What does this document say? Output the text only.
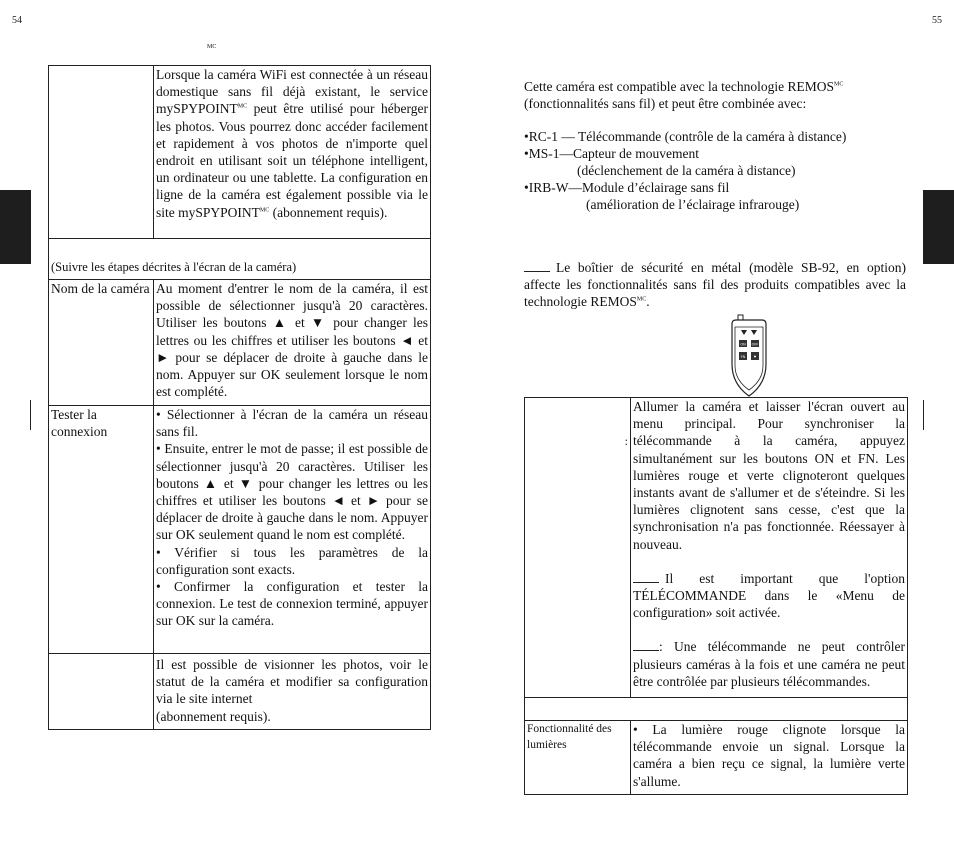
54	55
MC
	Lorsque la caméra WiFi est connectée à un réseau domestique sans fil déjà existant, le service mySPYPOINT$^{MC}$ peut être utilisé pour héberger les photos. Vous pourrez donc accéder facilement et rapidement à vos photos de n'importe quel endroit en utilisant soit un téléphone intelligent, un ordinateur ou une tablette. La configuration en ligne de la caméra est également possible via le site mySPYPOINT$^{MC}$ (abonnement requis).
(Suivre les étapes décrites à l'écran de la caméra)	
Nom de la caméra	Au moment d'entrer le nom de la caméra, il est possible de sélectionner jusqu'à 20 caractères. Utiliser les boutons ▲ et ▼ pour changer les lettres ou les chiffres et utiliser les boutons ◄ et ► pour se déplacer de droite à gauche dans le nom. Appuyer sur OK seulement lorsque le nom est complété.
Tester la connexion	• Sélectionner à l'écran de la caméra un réseau sans fil.

• Ensuite, entrer le mot de passe; il est possible de sélectionner jusqu'à 20 caractères. Utiliser les boutons ▲ et ▼ pour changer les lettres ou les chiffres et utiliser les boutons ◄ et ► pour se déplacer de droite à gauche dans le nom. Appuyer sur OK seulement quand le nom est complété.

• Vérifier si tous les paramètres de la configuration sont exacts.

• Confirmer la configuration et tester la connexion. Le test de connexion terminé, appuyer sur OK sur la caméra.

	Il est possible de visionner les photos, voir le statut de la caméra et modifier sa configuration via le site internet

(abonnement requis).

Cette caméra est compatible avec la technologie $REMOS^{MC}$
(fonctionnalités sans fil) et peut être combinée avec:
•RC-1 — Télécommande (contrôle de la caméra à distance)
•MS-1—Capteur de mouvement
(déclenchement de la caméra à distance)
•IRB-W—Module d’éclairage sans fil
(amélioration de l’éclairage infrarouge)
Le boîtier de sécurité en métal (modèle SB-92, en option) affecte les fonctionnalités sans fil des produits compatibles avec la technologie $REMOS^{MC}$.
ON OFF
FN ⚑
:	Allumer la caméra et laisser l'écran ouvert au menu principal. Pour synchroniser la télécommande à la caméra, appuyez simultanément sur les boutons ON et FN. Les lumières rouge et verte clignoteront quelques instants avant de s'allumer et de s'éteindre. Si les lumières clignotent sans cesse, c'est que la synchronisation n'a pas fonctionnée. Réessayer à nouveau.

Il est important que l'option TÉLÉCOMMANDE dans le «Menu de configuration» soit activée.

: Une télécommande ne peut contrôler plusieurs caméras à la fois et une caméra ne peut être contrôlée par plusieurs télécommandes.

Fonctionnalité des lumières	• La lumière rouge clignote lorsque la télécommande envoie un signal. Lorsque la caméra a bien reçu ce signal, la lumière verte s'allume.
